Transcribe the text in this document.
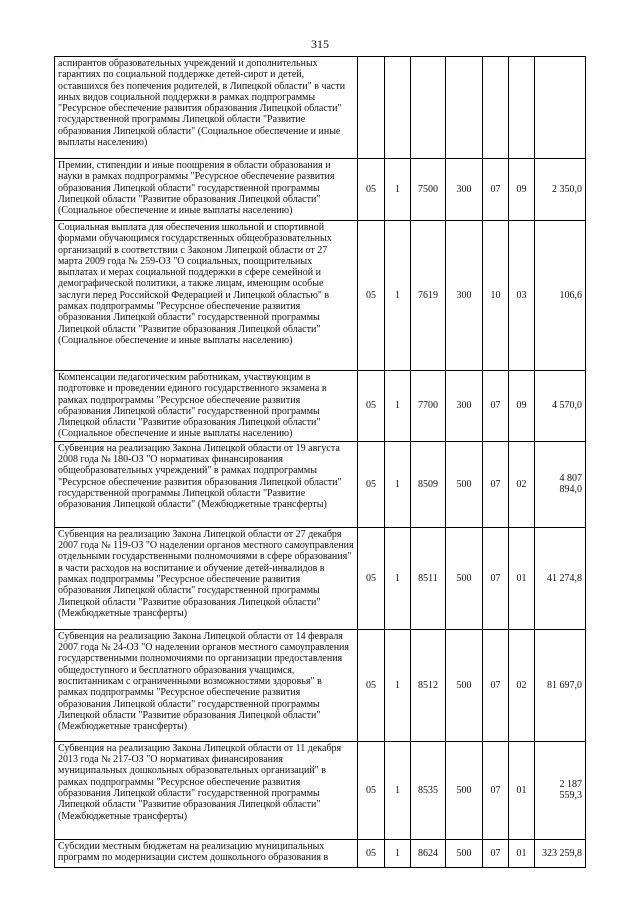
315
аспирантов образовательных учреждений и дополнительных гарантиях по социальной поддержке детей-сирот и детей, оставшихся без попечения родителей, в Липецкой области" в части иных видов социальной поддержки в рамках подпрограммы "Ресурсное обеспечение развития образования Липецкой области" государственной программы Липецкой области "Развитие образования Липецкой области" (Социальное обеспечение и иные выплаты населению)							
Премии, стипендии и иные поощрения в области образования и науки в рамках подпрограммы "Ресурсное обеспечение развития образования Липецкой области" государственной программы Липецкой области "Развитие образования Липецкой области" (Социальное обеспечение и иные выплаты населению)	05	1	7500	300	07	09	2 350,0
Социальная выплата для обеспечения школьной и спортивной формами обучающимся государственных общеобразовательных организаций в соответствии с Законом Липецкой области от 27 марта 2009 года № 259-ОЗ "О социальных, поощрительных выплатах и мерах социальной поддержки в сфере семейной и демографической политики, а также лицам, имеющим особые заслуги перед Российской Федерацией и Липецкой областью" в рамках подпрограммы "Ресурсное обеспечение развития образования Липецкой области" государственной программы Липецкой области "Развитие образования Липецкой области" (Социальное обеспечение и иные выплаты населению)	05	1	7619	300	10	03	106,6
Компенсации педагогическим работникам, участвующим в подготовке и проведении единого государственного экзамена в рамках подпрограммы "Ресурсное обеспечение развития образования Липецкой области" государственной программы Липецкой области "Развитие образования Липецкой области" (Социальное обеспечение и иные выплаты населению)	05	1	7700	300	07	09	4 570,0
Субвенция на реализацию Закона Липецкой области от 19 августа 2008 года № 180-ОЗ "О нормативах финансирования общеобразовательных учреждений" в рамках подпрограммы "Ресурсное обеспечение развития образования Липецкой области" государственной программы Липецкой области "Развитие образования Липецкой области" (Межбюджетные трансферты)	05	1	8509	500	07	02	4 807 894,0
Субвенция на реализацию Закона Липецкой области от 27 декабря 2007 года № 119-ОЗ "О наделении органов местного самоуправления отдельными государственными полномочиями в сфере образования" в части расходов на воспитание и обучение детей-инвалидов в рамках подпрограммы "Ресурсное обеспечение развития образования Липецкой области" государственной программы Липецкой области "Развитие образования Липецкой области" (Межбюджетные трансферты)	05	1	8511	500	07	01	41 274,8
Субвенция на реализацию Закона Липецкой области от 14 февраля 2007 года № 24-ОЗ "О наделении органов местного самоуправления государственными полномочиями по организации предоставления общедоступного и бесплатного образования учащимся, воспитанникам с ограниченными возможностями здоровья" в рамках подпрограммы "Ресурсное обеспечение развития образования Липецкой области" государственной программы Липецкой области "Развитие образования Липецкой области" (Межбюджетные трансферты)	05	1	8512	500	07	02	81 697,0
Субвенция на реализацию Закона Липецкой области от 11 декабря 2013 года № 217-ОЗ "О нормативах финансирования муниципальных дошкольных образовательных организаций" в рамках подпрограммы "Ресурсное обеспечение развития образования Липецкой области" государственной программы Липецкой области "Развитие образования Липецкой области" (Межбюджетные трансферты)	05	1	8535	500	07	01	2 187 559,3
Субсидии местным бюджетам на реализацию муниципальных программ по модернизации систем дошкольного образования в	05	1	8624	500	07	01	323 259,8
